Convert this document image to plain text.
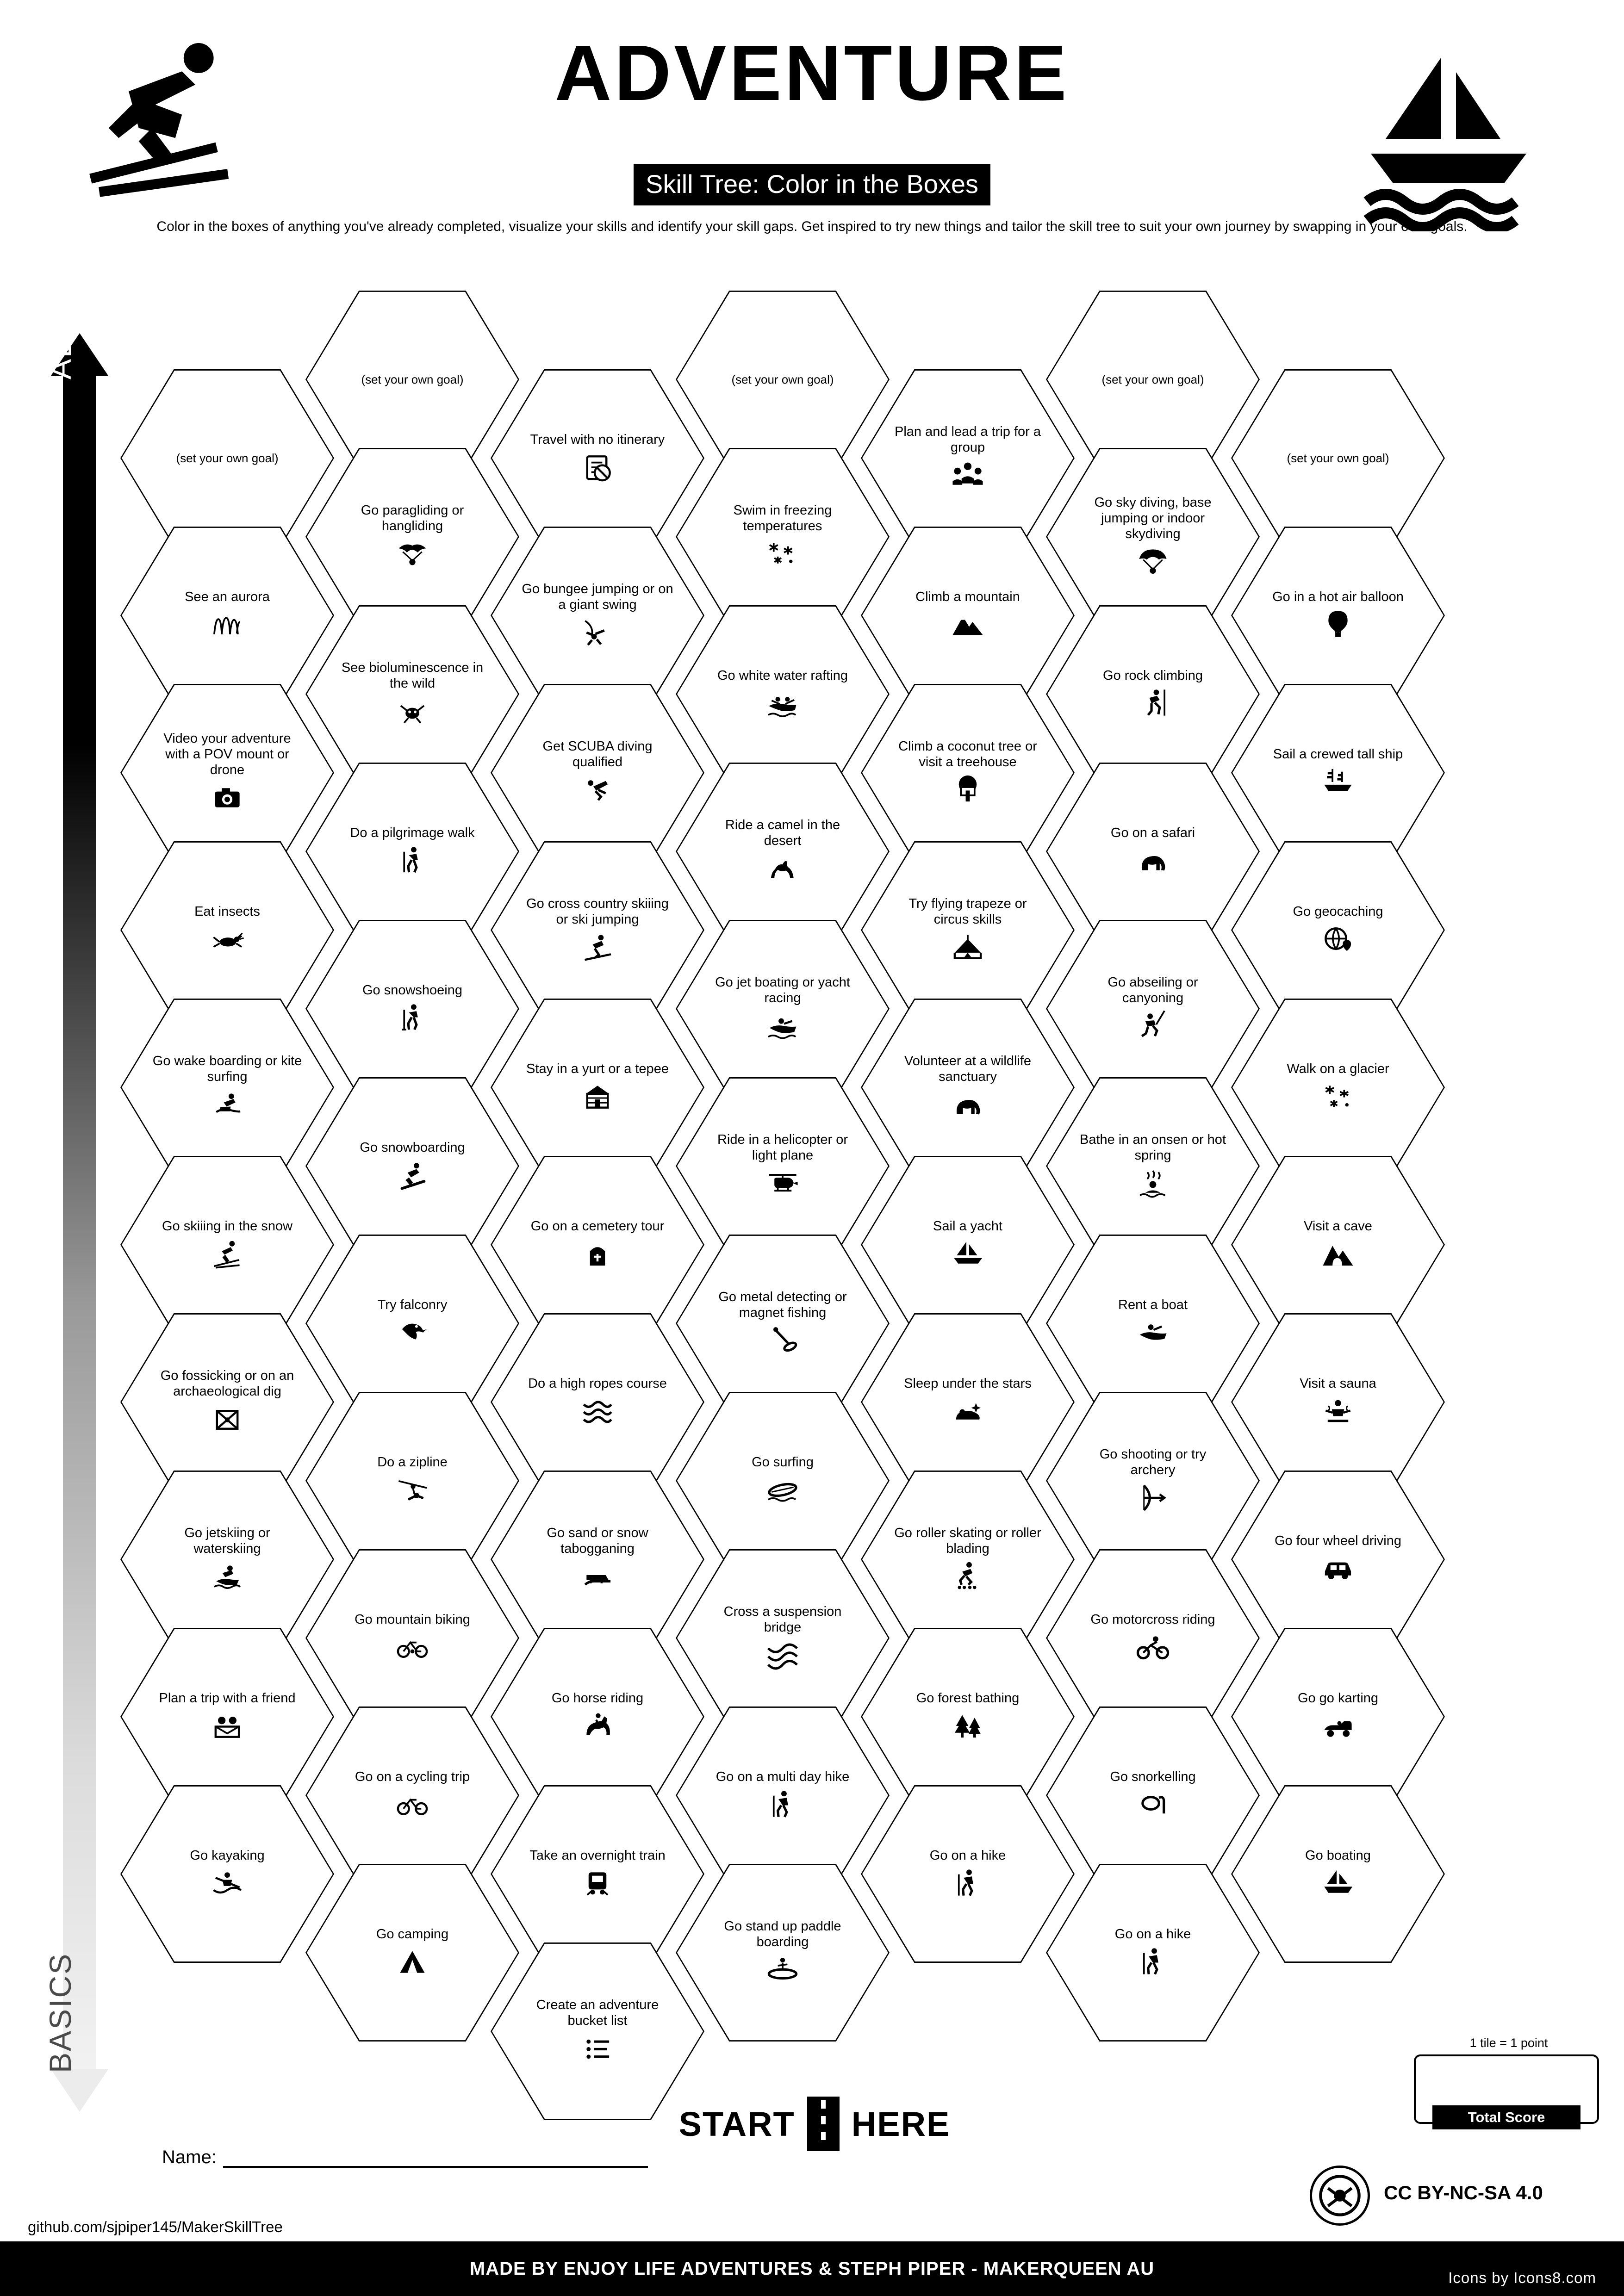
ADVENTURE
Skill Tree: Color in the Boxes
Color in the boxes of anything you've already completed, visualize your skills and identify your skill gaps. Get inspired to try new things and tailor the skill tree to suit your own journey by swapping in your own goals.
ADVANCED
BASICS
(set your own goal)
See an aurora
Video your adventure with a POV mount or drone
Eat insects
Go wake boarding or kite surfing
Go skiiing in the snow
Go fossicking or on an archaeological dig
Go jetskiing or waterskiing
Plan a trip with a friend
Go kayaking
(set your own goal)
Go paragliding or hangliding
See bioluminescence in the wild
Do a pilgrimage walk
Go snowshoeing
Go snowboarding
Try falconry
Do a zipline
Go mountain biking
Go on a cycling trip
Go camping
Travel with no itinerary
Go bungee jumping or on a giant swing
Get SCUBA diving qualified
Go cross country skiiing or ski jumping
Stay in a yurt or a tepee
Go on a cemetery tour
Do a high ropes course
Go sand or snow tabogganing
Go horse riding
Take an overnight train
Create an adventure bucket list
(set your own goal)
Swim in freezing temperatures
Go white water rafting
Ride a camel in the desert
Go jet boating or yacht racing
Ride in a helicopter or light plane
Go metal detecting or magnet fishing
Go surfing
Cross a suspension bridge
Go on a multi day hike
Go stand up paddle boarding
Plan and lead a trip for a group
Climb a mountain
Climb a coconut tree or visit a treehouse
Try flying trapeze or circus skills
Volunteer at a wildlife sanctuary
Sail a yacht
Sleep under the stars
Go roller skating or roller blading
Go forest bathing
Go on a hike
(set your own goal)
Go sky diving, base jumping or indoor skydiving
Go rock climbing
Go on a safari
Go abseiling or canyoning
Bathe in an onsen or hot spring
Rent a boat
Go shooting or try archery
Go motorcross riding
Go snorkelling
Go on a hike
(set your own goal)
Go in a hot air balloon
Sail a crewed tall ship
Go geocaching
Walk on a glacier
Visit a cave
Visit a sauna
Go four wheel driving
Go go karting
Go boating
START HERE
1 tile = 1 point
Total Score
Name:
CC BY-NC-SA 4.0
github.com/sjpiper145/MakerSkillTree
MADE BY ENJOY LIFE ADVENTURES & STEPH PIPER - MAKERQUEEN AU	Icons by Icons8.com
